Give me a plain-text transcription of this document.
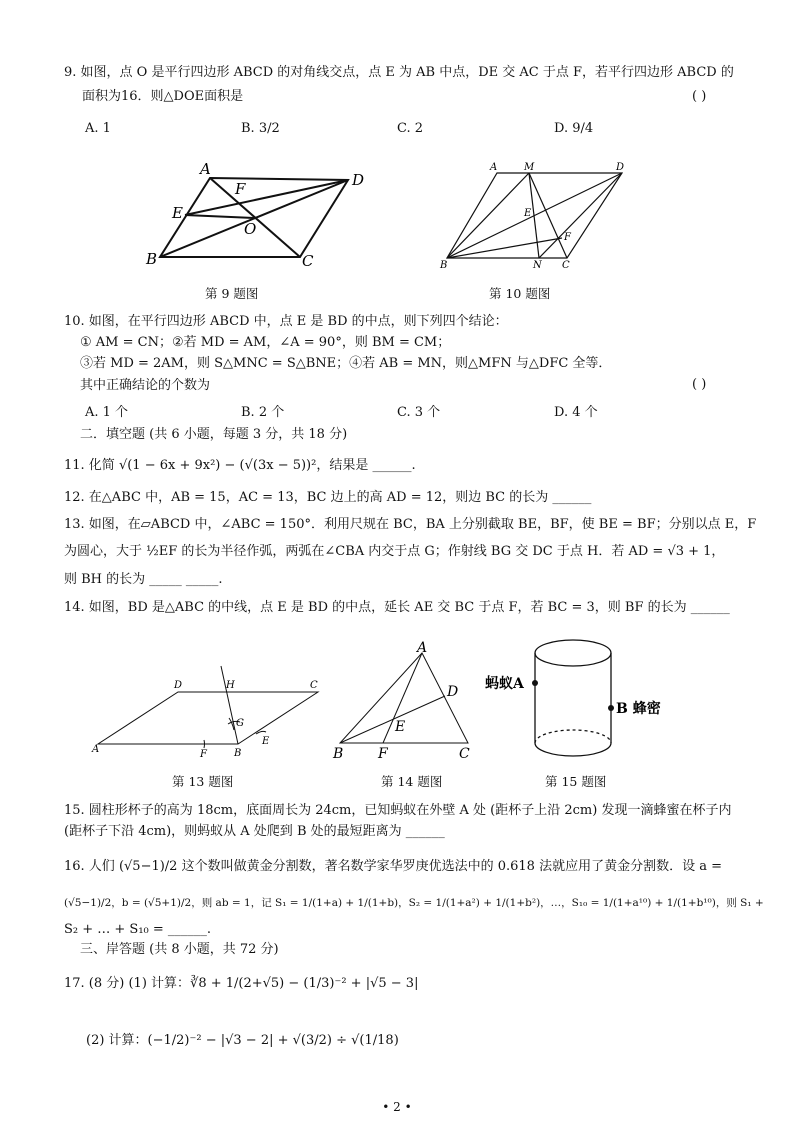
9. 如图，点 O 是平行四边形 ABCD 的对角线交点，点 E 为 AB 中点，DE 交 AC 于点 F，若平行四边形 ABCD 的
面积为16．则△DOE面积是	( )
A. 1	B. 3/2	C. 2	D. 9/4
A
D
F
E
O
B	C
第 9 题图
A	M	D
E
F
B	N C
第 10 题图
10. 如图，在平行四边形 ABCD 中，点 E 是 BD 的中点，则下列四个结论：
① AM = CN；②若 MD = AM，∠A = 90°，则 BM = CM；
③若 MD = 2AM，则 S△MNC = S△BNE；④若 AB = MN，则△MFN 与△DFC 全等．
其中正确结论的个数为	( )
A. 1 个	B. 2 个	C. 3 个	D. 4 个
二．填空题 (共 6 小题，每题 3 分，共 18 分)
11. 化简 √(1 − 6x + 9x²) − (√(3x − 5))²，结果是 ______.
12. 在△ABC 中，AB = 15，AC = 13，BC 边上的高 AD = 12，则边 BC 的长为 ______
13. 如图，在▱ABCD 中，∠ABC = 150°．利用尺规在 BC，BA 上分别截取 BE，BF，使 BE = BF；分别以点 E，F
为圆心，大于 ½EF 的长为半径作弧，两弧在∠CBA 内交于点 G；作射线 BG 交 DC 于点 H．若 AD = √3 + 1，
则 BH 的长为 _____ _____.
14. 如图，BD 是△ABC 的中线，点 E 是 BD 的中点，延长 AE 交 BC 于点 F，若 BC = 3，则 BF 的长为 ______
D	H	C
G
A	F	B
E
第 13 题图
A
D
E
B F	C
第 14 题图
蚂蚁A
B 蜂密
第 15 题图
15. 圆柱形杯子的高为 18cm，底面周长为 24cm，已知蚂蚁在外壁 A 处 (距杯子上沿 2cm) 发现一滴蜂蜜在杯子内
(距杯子下沿 4cm)，则蚂蚁从 A 处爬到 B 处的最短距离为 ______
16. 人们 (√5−1)/2 这个数叫做黄金分割数，著名数学家华罗庚优选法中的 0.618 法就应用了黄金分割数．设 a =
(√5−1)/2，b = (√5+1)/2，则 ab = 1，记 S₁ = 1/(1+a) + 1/(1+b)，S₂ = 1/(1+a²) + 1/(1+b²)，…，S₁₀ = 1/(1+a¹⁰) + 1/(1+b¹⁰)，则 S₁ +
S₂ + … + S₁₀ = ______.
三、岸答题 (共 8 小题，共 72 分)
17. (8 分) (1) 计算：∛8 + 1/(2+√5) − (1/3)⁻² + |√5 − 3|
(2) 计算：(−1/2)⁻² − |√3 − 2| + √(3/2) ÷ √(1/18)
• 2 •
